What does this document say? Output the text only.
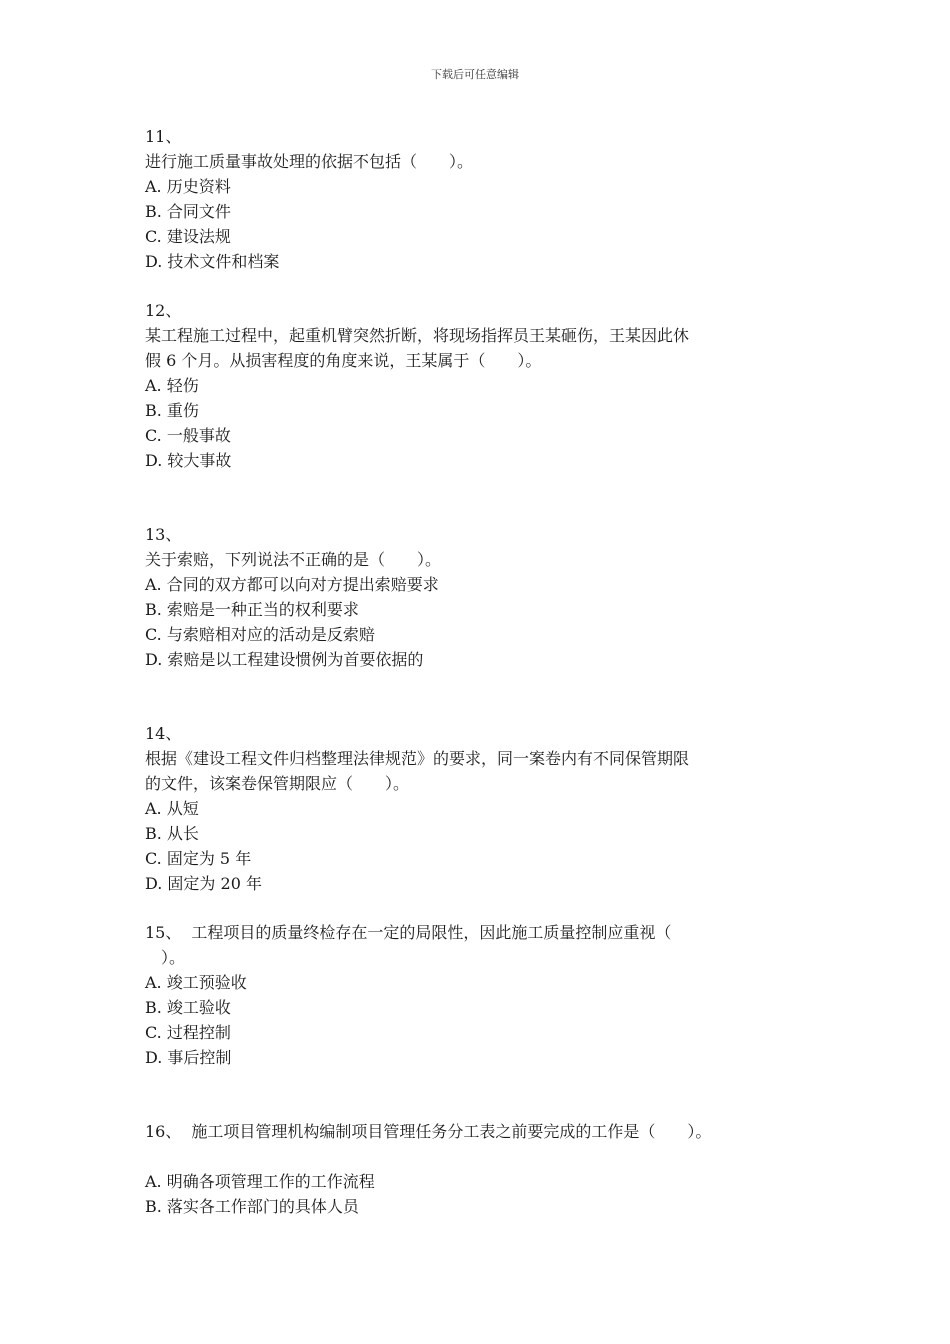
下载后可任意编辑
11、
进行施工质量事故处理的依据不包括（　　）。
A. 历史资料
B. 合同文件
C. 建设法规
D. 技术文件和档案
12、
某工程施工过程中，起重机臂突然折断，将现场指挥员王某砸伤，王某因此休
假 6 个月。从损害程度的角度来说，王某属于（　　）。
A. 轻伤
B. 重伤
C. 一般事故
D. 较大事故
13、
关于索赔，下列说法不正确的是（　　）。
A. 合同的双方都可以向对方提出索赔要求
B. 索赔是一种正当的权利要求
C. 与索赔相对应的活动是反索赔
D. 索赔是以工程建设惯例为首要依据的
14、
根据《建设工程文件归档整理法律规范》的要求，同一案卷内有不同保管期限
的文件，该案卷保管期限应（　　）。
A. 从短
B. 从长
C. 固定为 5 年
D. 固定为 20 年
15、 工程项目的质量终检存在一定的局限性，因此施工质量控制应重视（
　）。
A. 竣工预验收
B. 竣工验收
C. 过程控制
D. 事后控制
16、 施工项目管理机构编制项目管理任务分工表之前要完成的工作是（　　）。
A. 明确各项管理工作的工作流程
B. 落实各工作部门的具体人员
